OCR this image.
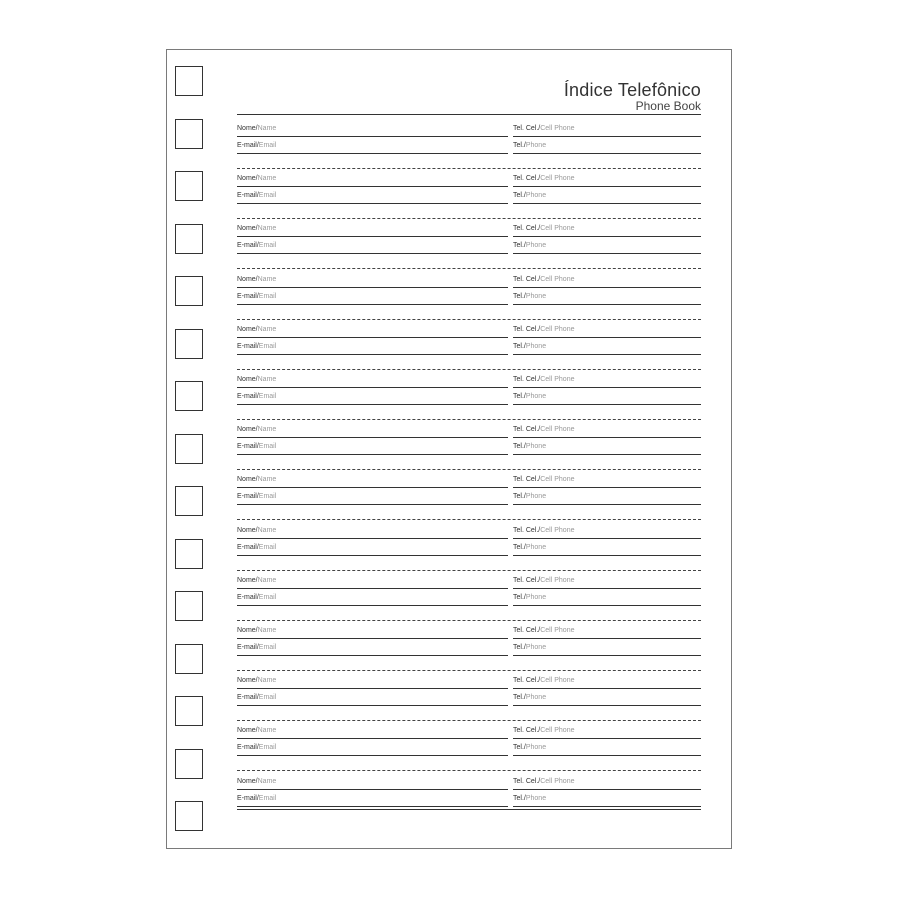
Índice Telefônico
Phone Book
Nome/Name	Tel. Cel./Cell Phone
E-mail/Email	Tel./Phone
Nome/Name	Tel. Cel./Cell Phone
E-mail/Email	Tel./Phone
Nome/Name	Tel. Cel./Cell Phone
E-mail/Email	Tel./Phone
Nome/Name	Tel. Cel./Cell Phone
E-mail/Email	Tel./Phone
Nome/Name	Tel. Cel./Cell Phone
E-mail/Email	Tel./Phone
Nome/Name	Tel. Cel./Cell Phone
E-mail/Email	Tel./Phone
Nome/Name	Tel. Cel./Cell Phone
E-mail/Email	Tel./Phone
Nome/Name	Tel. Cel./Cell Phone
E-mail/Email	Tel./Phone
Nome/Name	Tel. Cel./Cell Phone
E-mail/Email	Tel./Phone
Nome/Name	Tel. Cel./Cell Phone
E-mail/Email	Tel./Phone
Nome/Name	Tel. Cel./Cell Phone
E-mail/Email	Tel./Phone
Nome/Name	Tel. Cel./Cell Phone
E-mail/Email	Tel./Phone
Nome/Name	Tel. Cel./Cell Phone
E-mail/Email	Tel./Phone
Nome/Name	Tel. Cel./Cell Phone
E-mail/Email	Tel./Phone
